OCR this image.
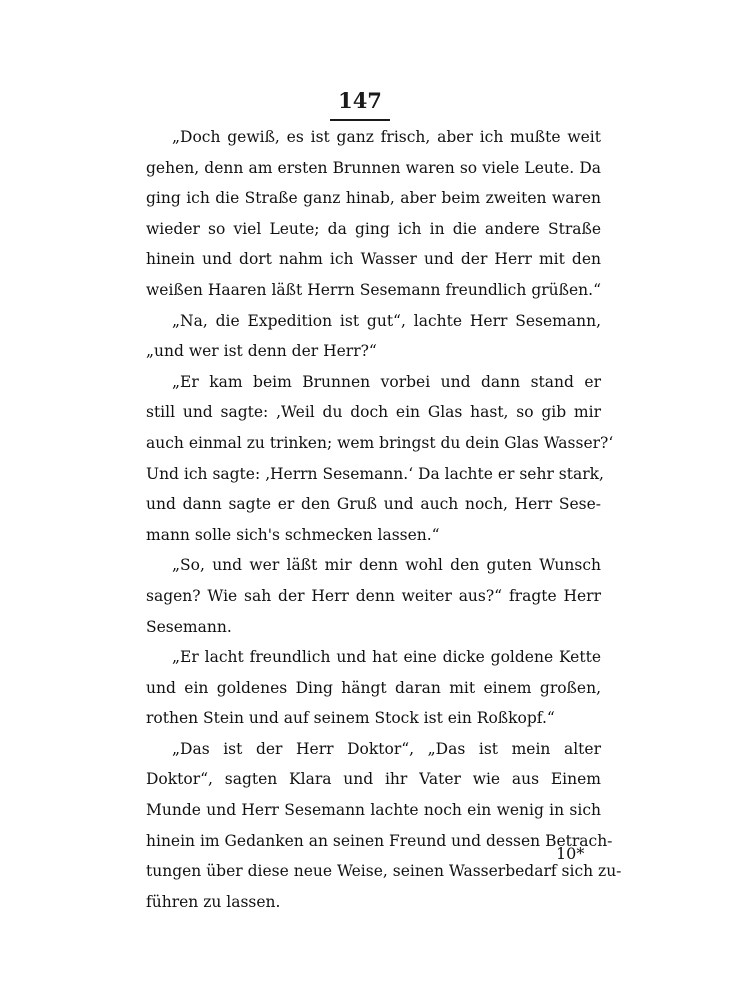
147

„Doch gewiß, es ist ganz frisch, aber ich mußte weit
gehen, denn am ersten Brunnen waren so viele Leute. Da
ging ich die Straße ganz hinab, aber beim zweiten waren
wieder so viel Leute; da ging ich in die andere Straße
hinein und dort nahm ich Wasser und der Herr mit den
weißen Haaren läßt Herrn Sesemann freundlich grüßen.“
„Na, die Expedition ist gut“, lachte Herr Sesemann,
„und wer ist denn der Herr?“
„Er kam beim Brunnen vorbei und dann stand er
still und sagte: ‚Weil du doch ein Glas hast, so gib mir
auch einmal zu trinken; wem bringst du dein Glas Wasser?‘
Und ich sagte: ‚Herrn Sesemann.‘ Da lachte er sehr stark,
und dann sagte er den Gruß und auch noch, Herr Sese-
mann solle sich's schmecken lassen.“
„So, und wer läßt mir denn wohl den guten Wunsch
sagen? Wie sah der Herr denn weiter aus?“ fragte Herr
Sesemann.
„Er lacht freundlich und hat eine dicke goldene Kette
und ein goldenes Ding hängt daran mit einem großen,
rothen Stein und auf seinem Stock ist ein Roßkopf.“
„Das ist der Herr Doktor“, „Das ist mein alter
Doktor“, sagten Klara und ihr Vater wie aus Einem
Munde und Herr Sesemann lachte noch ein wenig in sich
hinein im Gedanken an seinen Freund und dessen Betrach-
tungen über diese neue Weise, seinen Wasserbedarf sich zu-
führen zu lassen.

10*
